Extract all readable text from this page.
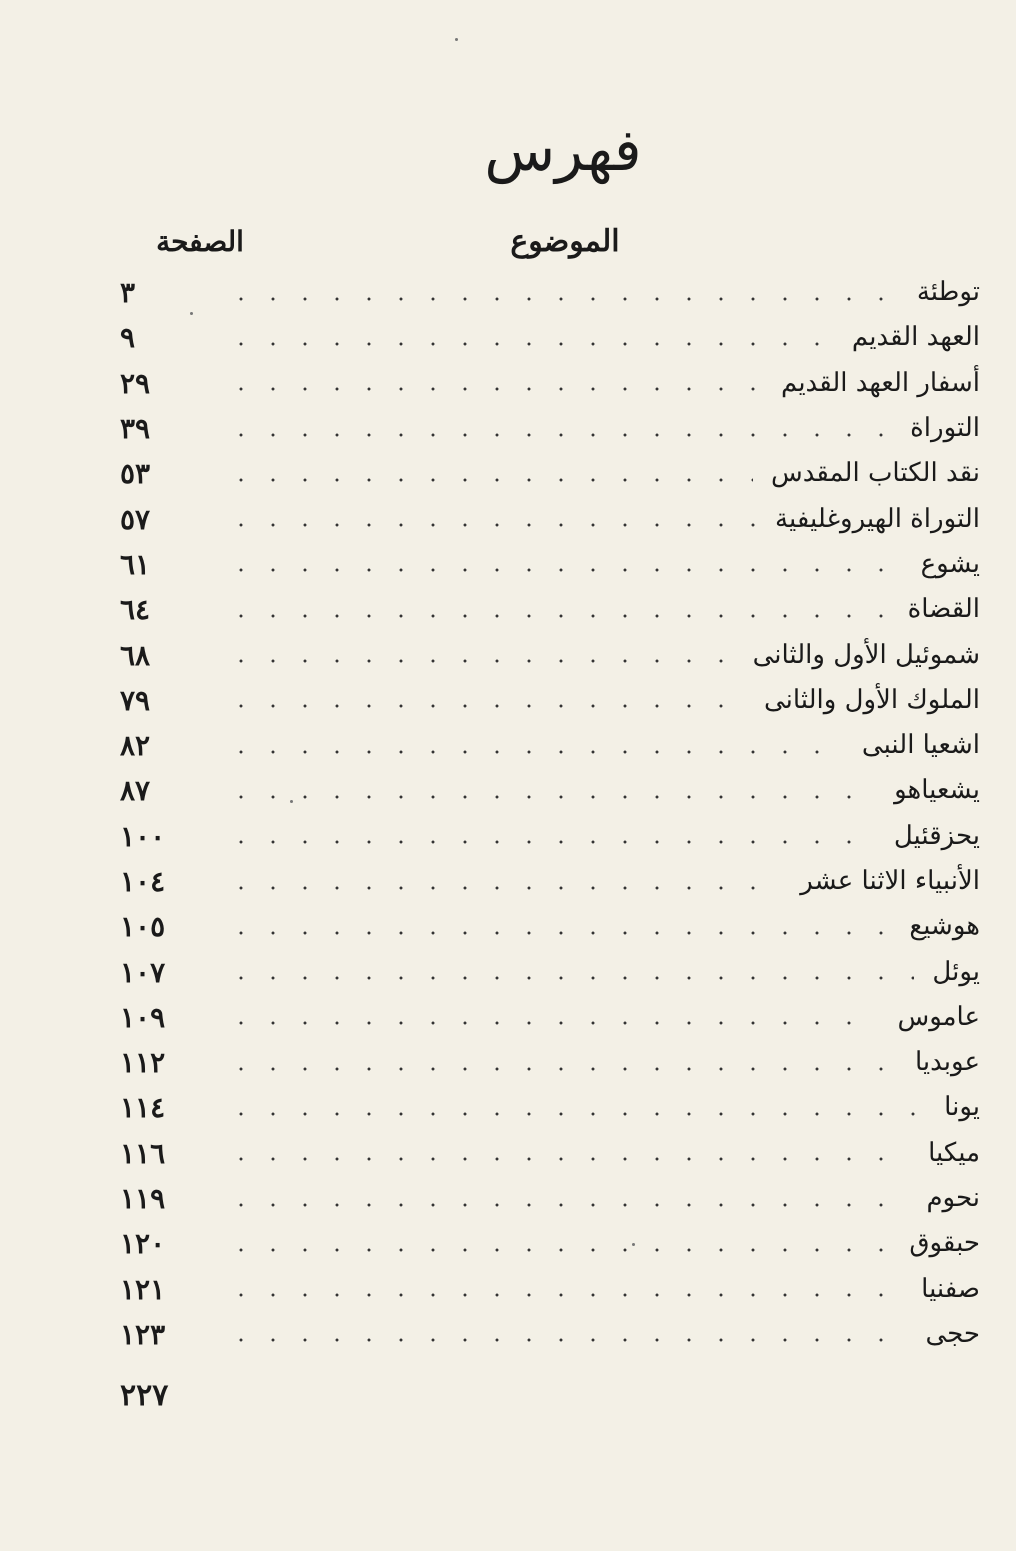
فهرس
الموضوع
الصفحة
توطئة
٣
العهد القديم
٩
أسفار العهد القديم
٢٩
التوراة
٣٩
نقد الكتاب المقدس
٥٣
التوراة الهيروغليفية
٥٧
يشوع
٦١
القضاة
٦٤
شموئيل الأول والثانى
٦٨
الملوك الأول والثانى
٧٩
اشعيا النبى
٨٢
يشعياهو
٨٧
يحزقئيل
١٠٠
الأنبياء الاثنا عشر
١٠٤
هوشيع
١٠٥
يوئل
١٠٧
عاموس
١٠٩
عوبديا
١١٢
يونا
١١٤
ميكيا
١١٦
نحوم
١١٩
حبقوق
١٢٠
صفنيا
١٢١
حجى
١٢٣
٢٢٧
